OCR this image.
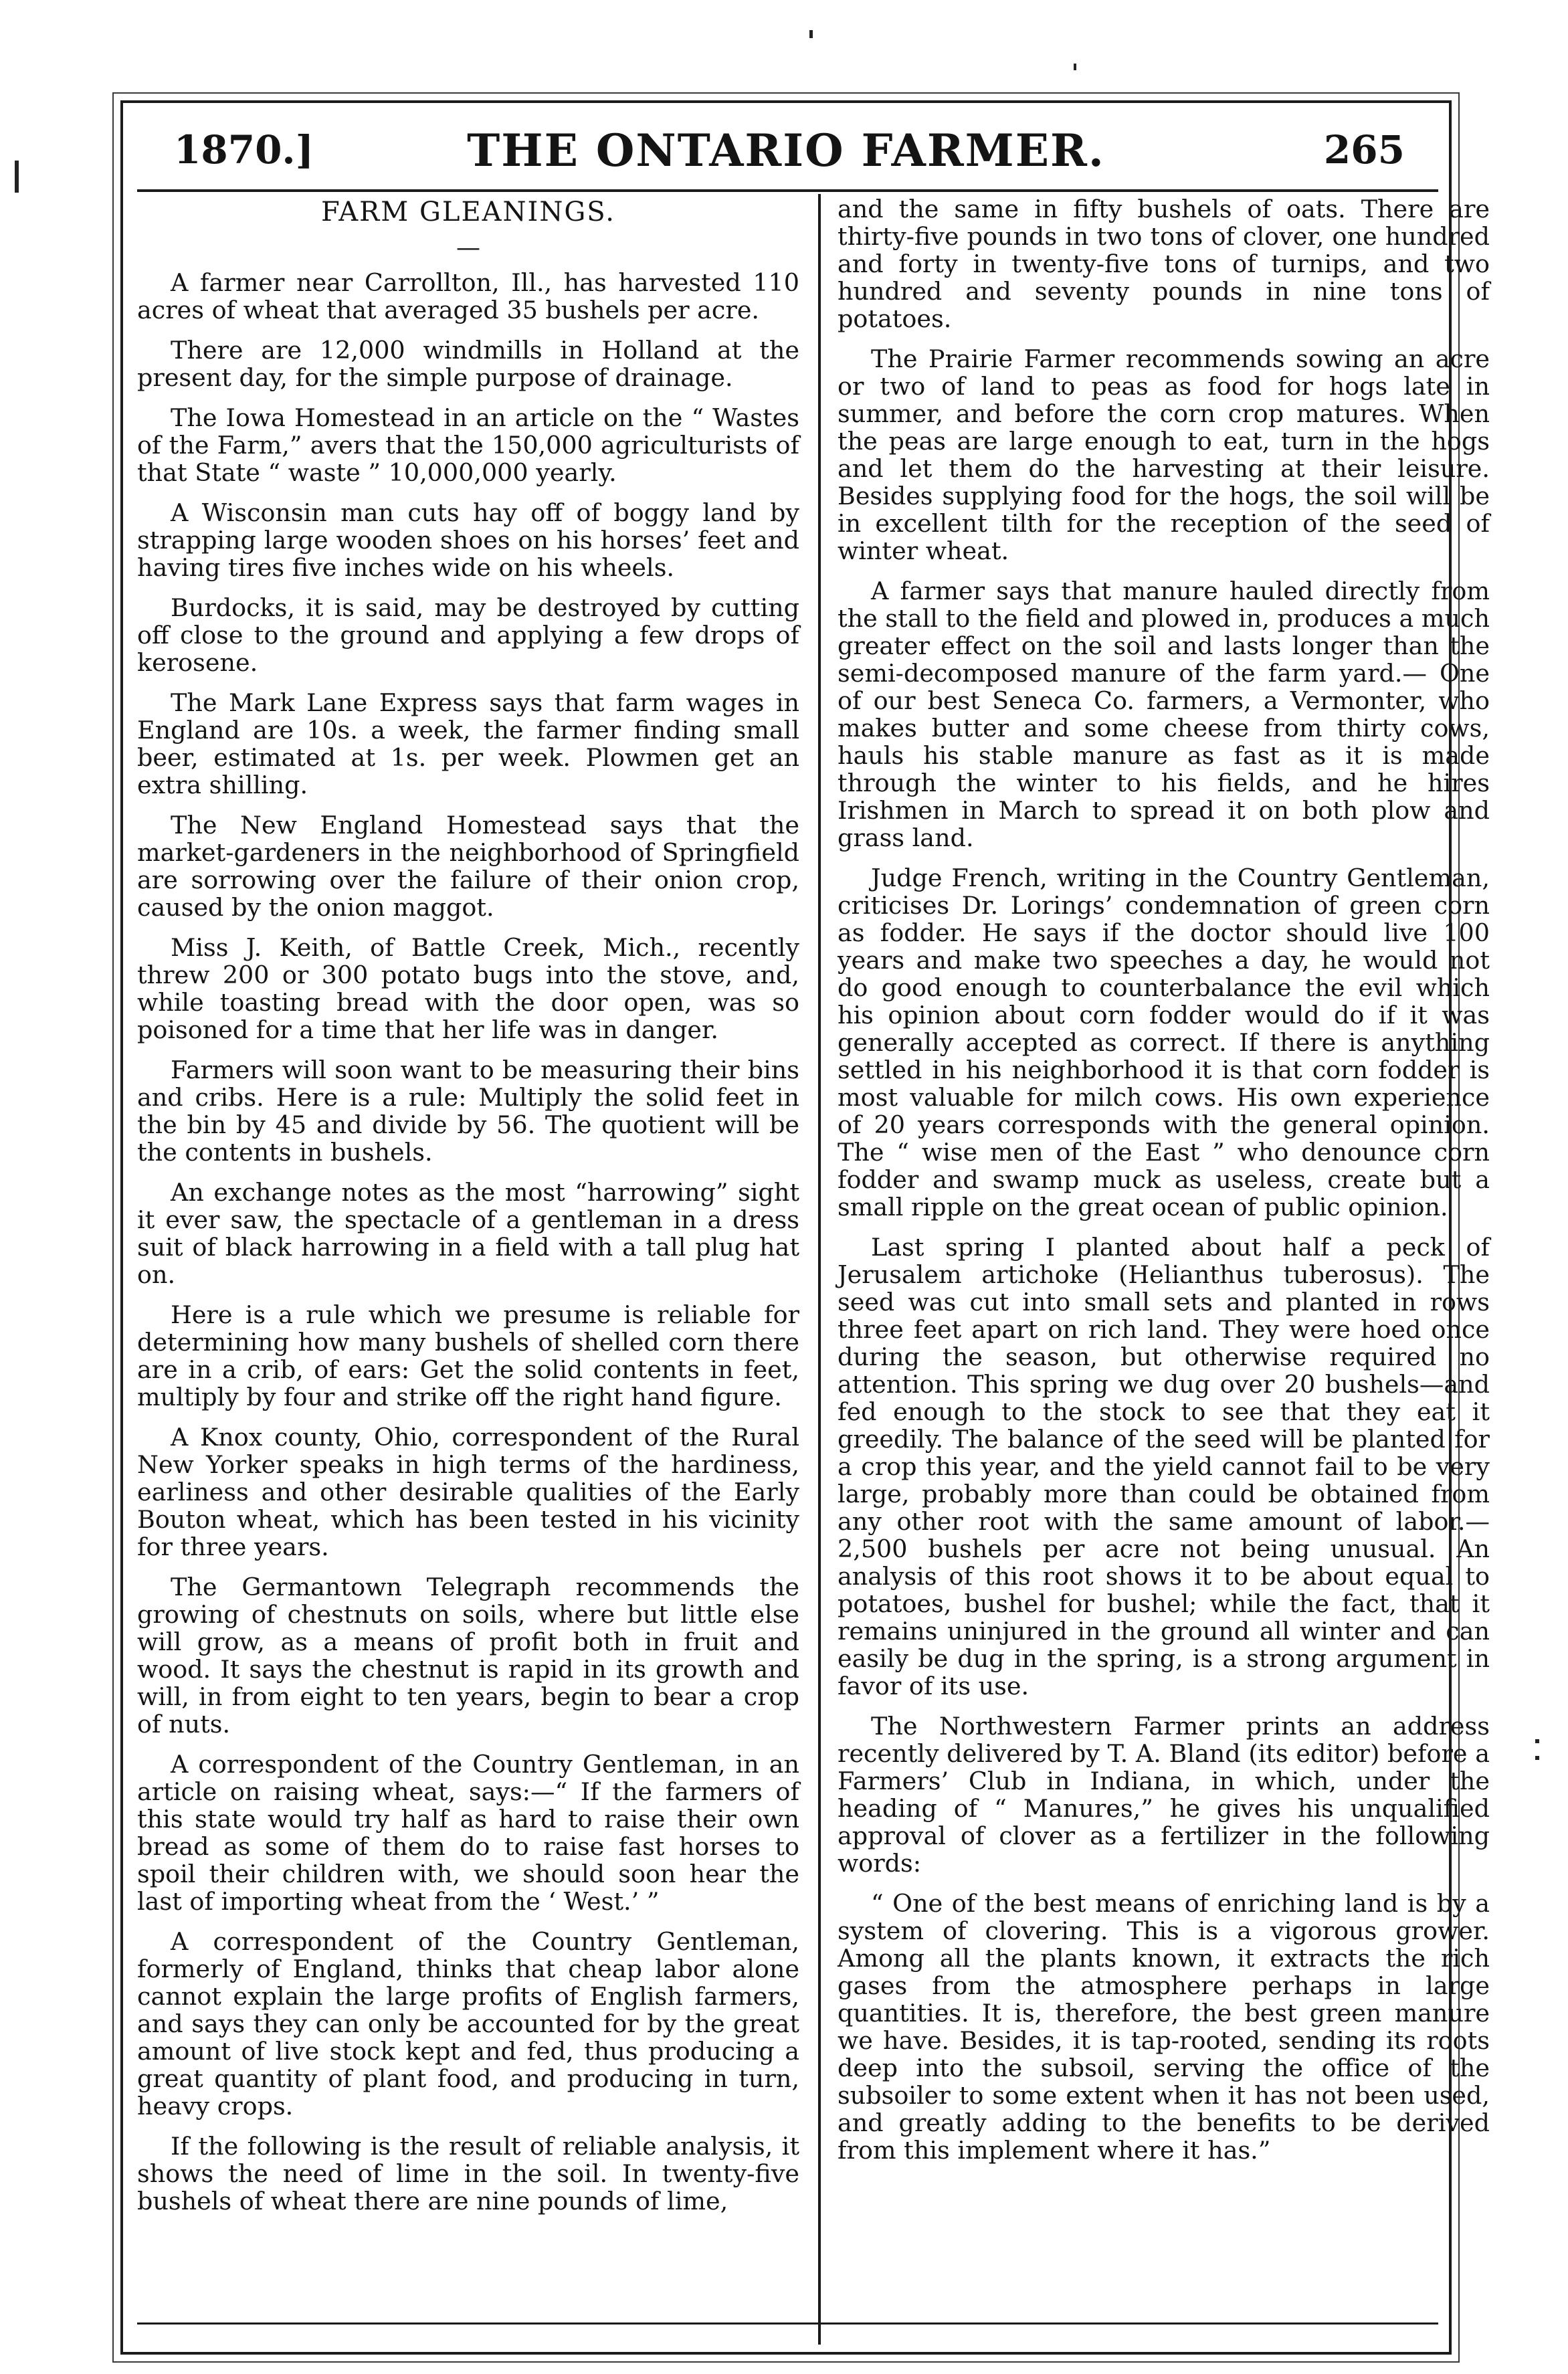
1870.]	THE ONTARIO FARMER.	265
FARM GLEANINGS.
—

A farmer near Carrollton, Ill., has harvested 110 acres of wheat that averaged 35 bushels per acre.

There are 12,000 windmills in Holland at the present day, for the simple purpose of drainage.

The Iowa Homestead in an article on the “ Wastes of the Farm,” avers that the 150,000 agriculturists of that State “ waste ” 10,000,000 yearly.

A Wisconsin man cuts hay off of boggy land by strapping large wooden shoes on his horses’ feet and having tires five inches wide on his wheels.

Burdocks, it is said, may be destroyed by cutting off close to the ground and applying a few drops of kerosene.

The Mark Lane Express says that farm wages in England are 10s. a week, the farmer finding small beer, estimated at 1s. per week. Plowmen get an extra shilling.

The New England Homestead says that the market-gardeners in the neighborhood of Springfield are sorrowing over the failure of their onion crop, caused by the onion maggot.

Miss J. Keith, of Battle Creek, Mich., recently threw 200 or 300 potato bugs into the stove, and, while toasting bread with the door open, was so poisoned for a time that her life was in danger.

Farmers will soon want to be measuring their bins and cribs. Here is a rule: Multiply the solid feet in the bin by 45 and divide by 56. The quotient will be the contents in bushels.

An exchange notes as the most “harrowing” sight it ever saw, the spectacle of a gentleman in a dress suit of black harrowing in a field with a tall plug hat on.

Here is a rule which we presume is reliable for determining how many bushels of shelled corn there are in a crib, of ears: Get the solid contents in feet, multiply by four and strike off the right hand figure.

A Knox county, Ohio, correspondent of the Rural New Yorker speaks in high terms of the hardiness, earliness and other desirable qualities of the Early Bouton wheat, which has been tested in his vicinity for three years.

The Germantown Telegraph recommends the growing of chestnuts on soils, where but little else will grow, as a means of profit both in fruit and wood. It says the chestnut is rapid in its growth and will, in from eight to ten years, begin to bear a crop of nuts.

A correspondent of the Country Gentleman, in an article on raising wheat, says:—“ If the farmers of this state would try half as hard to raise their own bread as some of them do to raise fast horses to spoil their children with, we should soon hear the last of importing wheat from the ‘ West.’ ”

A correspondent of the Country Gentleman, formerly of England, thinks that cheap labor alone cannot explain the large profits of English farmers, and says they can only be accounted for by the great amount of live stock kept and fed, thus producing a great quantity of plant food, and producing in turn, heavy crops.

If the following is the result of reliable analysis, it shows the need of lime in the soil. In twenty-five bushels of wheat there are nine pounds of lime,

and the same in fifty bushels of oats. There are thirty-five pounds in two tons of clover, one hundred and forty in twenty-five tons of turnips, and two hundred and seventy pounds in nine tons of potatoes.

The Prairie Farmer recommends sowing an acre or two of land to peas as food for hogs late in summer, and before the corn crop matures. When the peas are large enough to eat, turn in the hogs and let them do the harvesting at their leisure. Besides supplying food for the hogs, the soil will be in excellent tilth for the reception of the seed of winter wheat.

A farmer says that manure hauled directly from the stall to the field and plowed in, produces a much greater effect on the soil and lasts longer than the semi-decomposed manure of the farm yard.— One of our best Seneca Co. farmers, a Vermonter, who makes butter and some cheese from thirty cows, hauls his stable manure as fast as it is made through the winter to his fields, and he hires Irishmen in March to spread it on both plow and grass land.

Judge French, writing in the Country Gentleman, criticises Dr. Lorings’ condemnation of green corn as fodder. He says if the doctor should live 100 years and make two speeches a day, he would not do good enough to counterbalance the evil which his opinion about corn fodder would do if it was generally accepted as correct. If there is anything settled in his neighborhood it is that corn fodder is most valuable for milch cows. His own experience of 20 years corresponds with the general opinion. The “ wise men of the East ” who denounce corn fodder and swamp muck as useless, create but a small ripple on the great ocean of public opinion.

Last spring I planted about half a peck of Jerusalem artichoke (Helianthus tuberosus). The seed was cut into small sets and planted in rows three feet apart on rich land. They were hoed once during the season, but otherwise required no attention. This spring we dug over 20 bushels—and fed enough to the stock to see that they eat it greedily. The balance of the seed will be planted for a crop this year, and the yield cannot fail to be very large, probably more than could be obtained from any other root with the same amount of labor.—2,500 bushels per acre not being unusual. An analysis of this root shows it to be about equal to potatoes, bushel for bushel; while the fact, that it remains uninjured in the ground all winter and can easily be dug in the spring, is a strong argument in favor of its use.

The Northwestern Farmer prints an address recently delivered by T. A. Bland (its editor) before a Farmers’ Club in Indiana, in which, under the heading of “ Manures,” he gives his unqualified approval of clover as a fertilizer in the following words:

“ One of the best means of enriching land is by a system of clovering. This is a vigorous grower. Among all the plants known, it extracts the rich gases from the atmosphere perhaps in large quantities. It is, therefore, the best green manure we have. Besides, it is tap-rooted, sending its roots deep into the subsoil, serving the office of the subsoiler to some extent when it has not been used, and greatly adding to the benefits to be derived from this implement where it has.”
